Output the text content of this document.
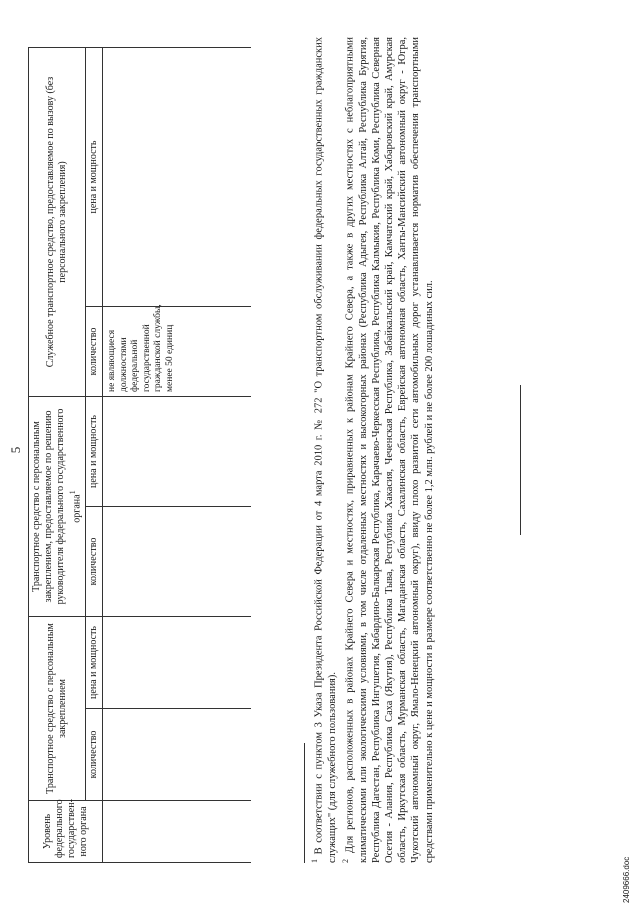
5
Уровень федерального государствен-ного органа	Транспортное средство с персональным закреплением		Транспортное средство с персональным закреплением, предоставляемое по решению руководителя федерального государственного органа$^1$		Служебное транспортное средство, предоставляемое по вызову (без персонального закрепления)	
	количество	цена и мощность	количество	цена и мощность	количество	цена и мощность

					не являющиеся должностями федеральной государственной гражданской службы, менее 50 единиц	

$^1$ В соответствии с пунктом 3 Указа Президента Российской Федерации от 4 марта 2010 г. № 272 "О транспортном обслуживании федеральных государственных гражданских служащих" (для служебного пользования). $^2$ Для регионов, расположенных в районах Крайнего Севера и местностях, приравненных к районам Крайнего Севера, а также в других местностях с неблагоприятными климатическими или экологическими условиями, в том числе отдаленных местностях и высокогорных районах (Республика Адыгея, Республика Алтай, Республика Бурятия, Республика Дагестан, Республика Ингушетия, Кабардино-Балкарская Республика, Карачаево-Черкесская Республика, Республика Калмыкия, Республика Коми, Республика Северная Осетия - Алания, Республика Саха (Якутия), Республика Тыва, Республика Хакасия, Чеченская Республика, Забайкальский край, Камчатский край, Хабаровский край, Амурская область, Иркутская область, Мурманская область, Магаданская область, Сахалинская область, Еврейская автономная область, Ханты-Мансийский автономный округ - Югра, Чукотский автономный округ, Ямало-Ненецкий автономный округ), ввиду плохо развитой сети автомобильных дорог устанавливается норматив обеспечения транспортными средствами применительно к цене и мощности в размере соответственно не более 1,2 млн. рублей и не более 200 лошадиных сил.

2409666.doc
